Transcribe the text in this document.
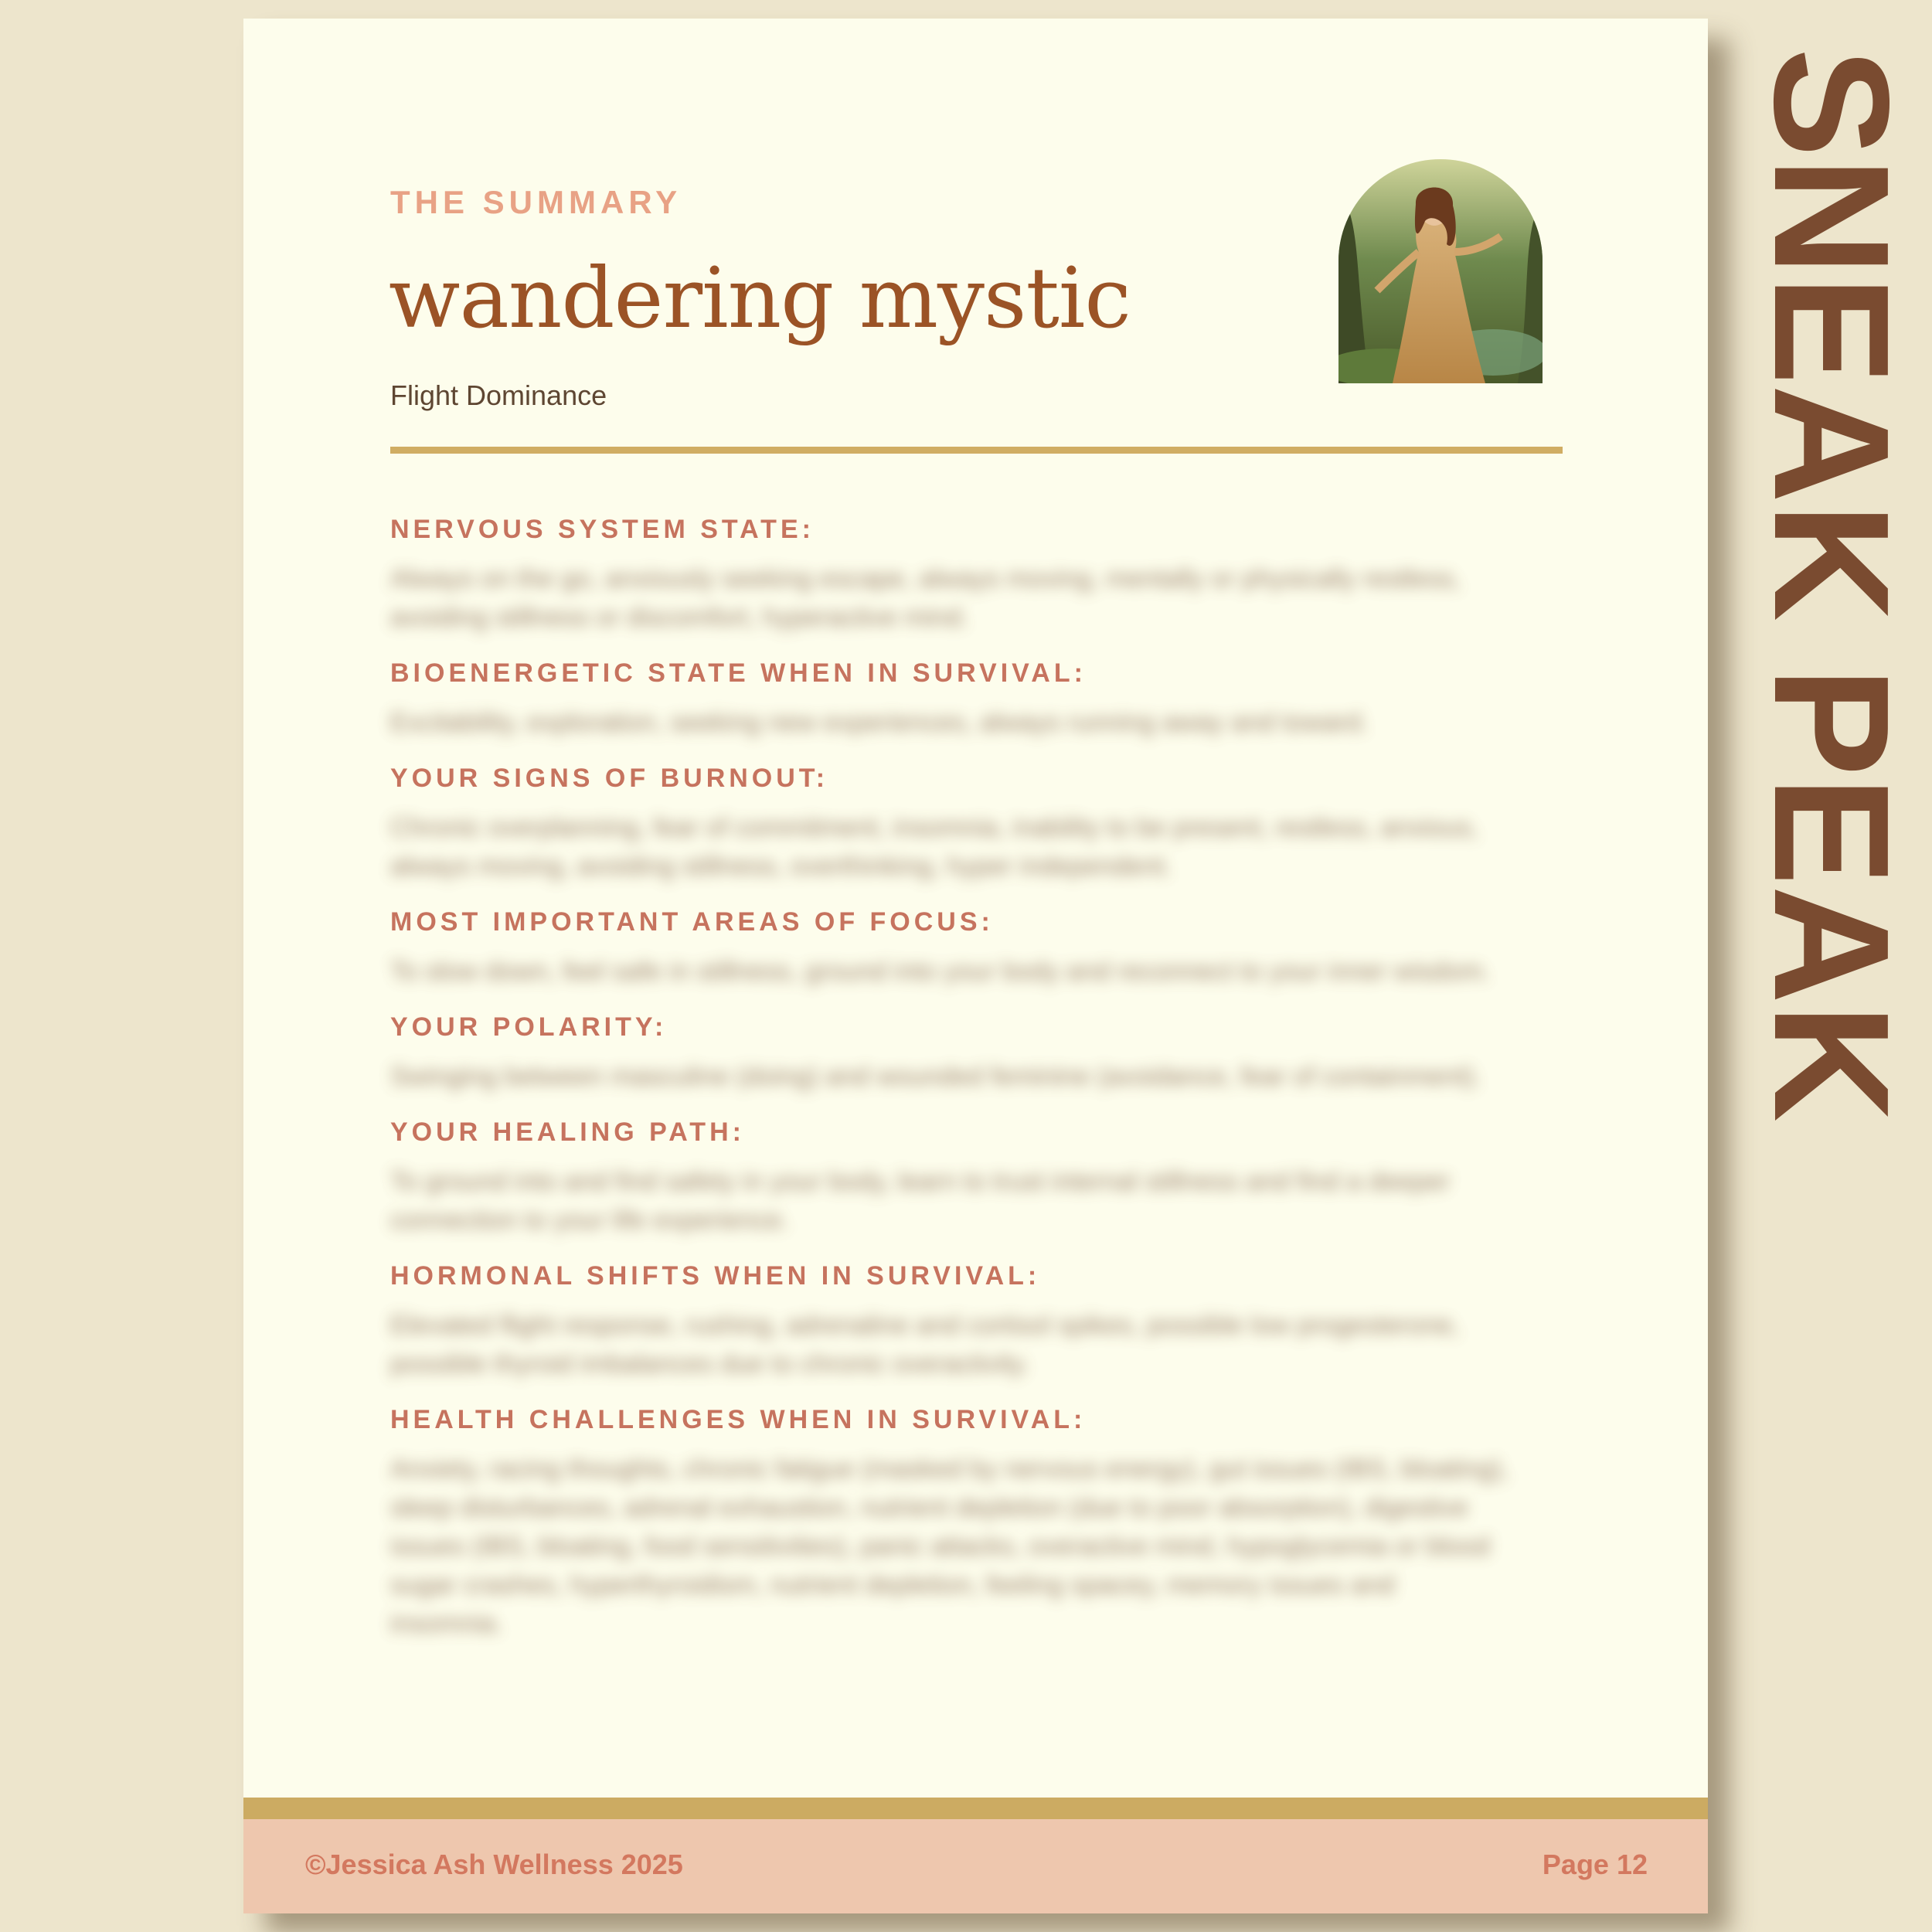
THE SUMMARY
wandering mystic
Flight Dominance
NERVOUS SYSTEM STATE:
Always on the go, anxiously seeking escape, always moving, mentally or physically restless, avoiding stillness or discomfort, hyperactive mind.
BIOENERGETIC STATE WHEN IN SURVIVAL:
Excitability, exploration, seeking new experiences, always running away and toward.
YOUR SIGNS OF BURNOUT:
Chronic overplanning, fear of commitment, insomnia, inability to be present, restless, anxious, always moving, avoiding stillness, overthinking, hyper independent.
MOST IMPORTANT AREAS OF FOCUS:
To slow down, feel safe in stillness, ground into your body and reconnect to your inner wisdom.
YOUR POLARITY:
Swinging between masculine (doing) and wounded feminine (avoidance, fear of containment).
YOUR HEALING PATH:
To ground into and find safety in your body, learn to trust internal stillness and find a deeper connection to your life experience.
HORMONAL SHIFTS WHEN IN SURVIVAL:
Elevated flight response, rushing, adrenaline and cortisol spikes, possible low progesterone, possible thyroid imbalances due to chronic overactivity.
HEALTH CHALLENGES WHEN IN SURVIVAL:
Anxiety, racing thoughts, chronic fatigue (masked by nervous energy), gut issues (IBS, bloating), sleep disturbances, adrenal exhaustion, nutrient depletion (due to poor absorption), digestive issues (IBS, bloating, food sensitivities), panic attacks, overactive mind, hypoglycemia or blood sugar crashes, hyperthyroidism, nutrient depletion, feeling spacey, memory issues and insomnia.
©Jessica Ash Wellness 2025	Page 12
SNEAK PEAK
